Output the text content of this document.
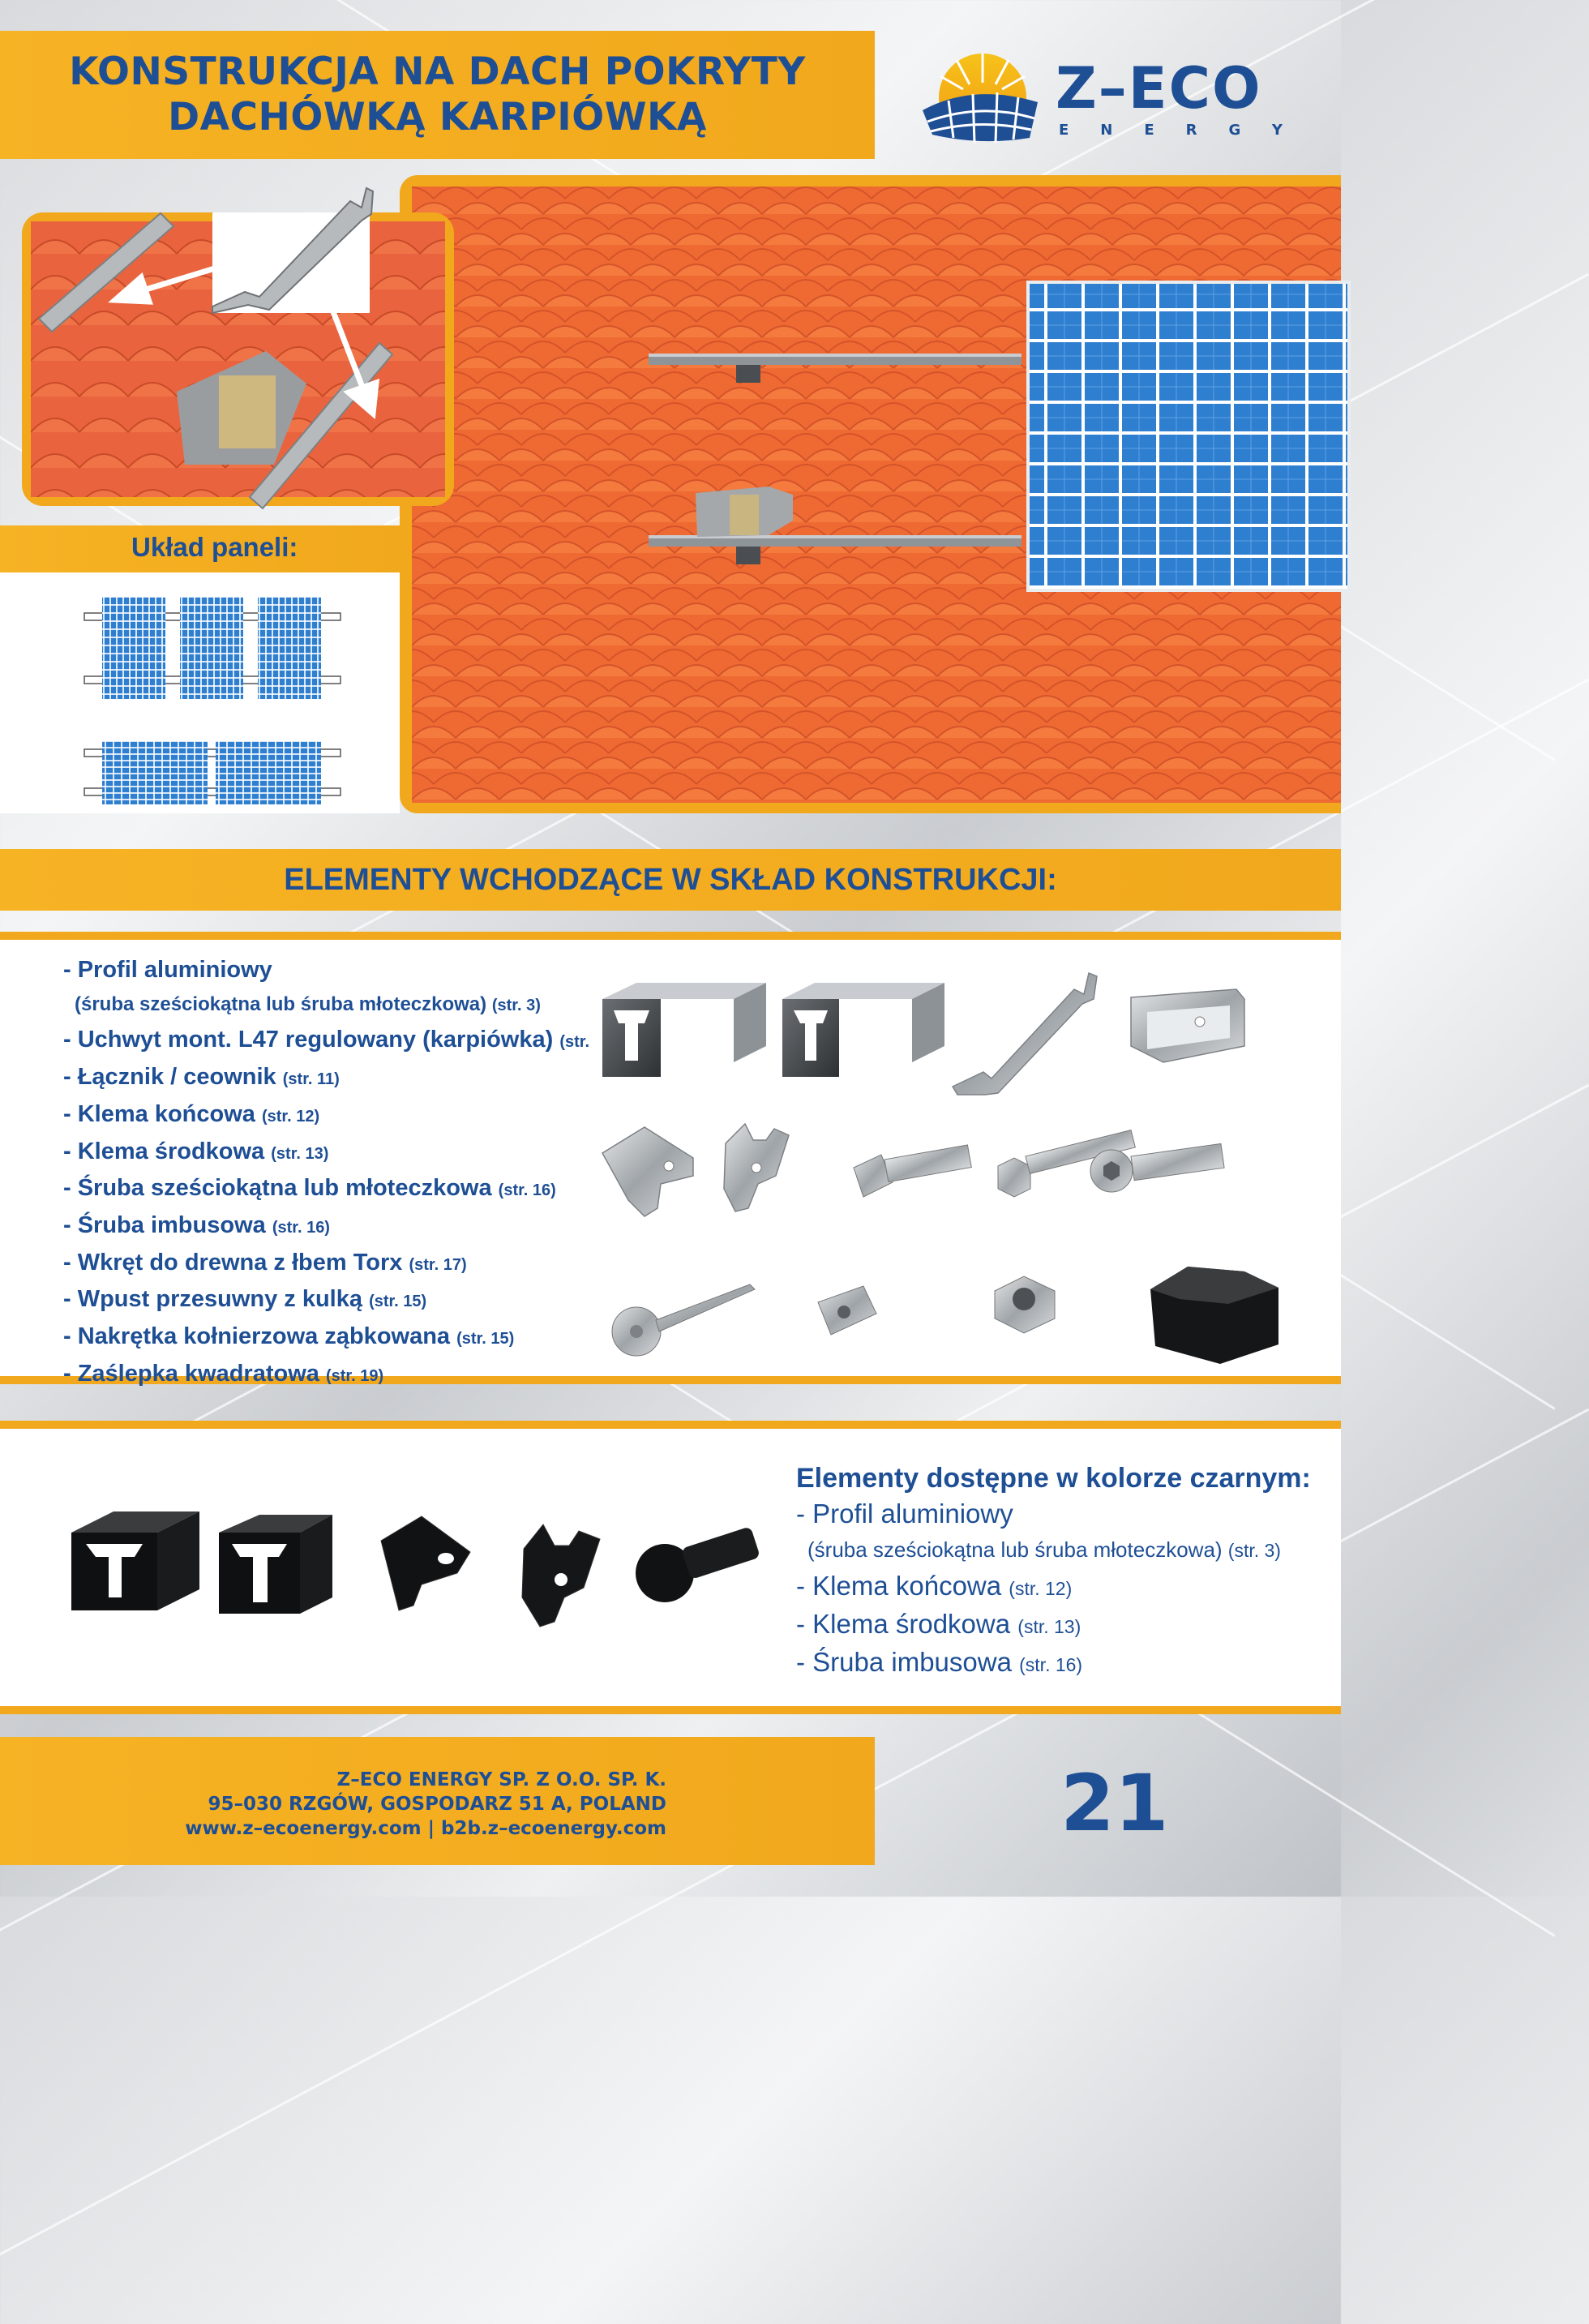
KONSTRUKCJA NA DACH POKRYTY
DACHÓWKĄ KARPIÓWKĄ	Z–ECO
ENERGY
Układ paneli:
ELEMENTY WCHODZĄCE W SKŁAD KONSTRUKCJI:
- Profil aluminiowy
(śruba sześciokątna lub śruba młoteczkowa) (str. 3)
- Uchwyt mont. L47 regulowany (karpiówka) (str.
- Łącznik / ceownik (str. 11)
- Klema końcowa (str. 12)
- Klema środkowa (str. 13)
- Śruba sześciokątna lub młoteczkowa (str. 16)
- Śruba imbusowa (str. 16)
- Wkręt do drewna z łbem Torx (str. 17)
- Wpust przesuwny z kulką (str. 15)
- Nakrętka kołnierzowa ząbkowana (str. 15)
- Zaślepka kwadratowa (str. 19)
Elementy dostępne w kolorze czarnym:
- Profil aluminiowy
(śruba sześciokątna lub śruba młoteczkowa) (str. 3)
- Klema końcowa (str. 12)
- Klema środkowa (str. 13)
- Śruba imbusowa (str. 16)
Z–ECO ENERGY SP. Z O.O. SP. K.
95–030 RZGÓW, GOSPODARZ 51 A, POLAND
www.z–ecoenergy.com | b2b.z–ecoenergy.com	21
